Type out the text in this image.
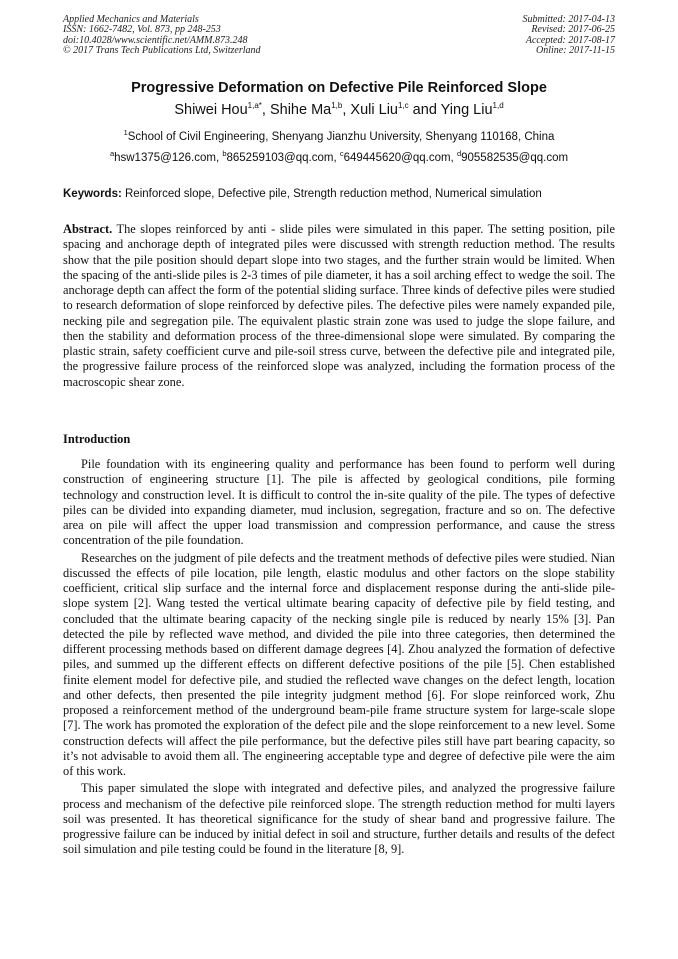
Applied Mechanics and Materials
ISSN: 1662-7482, Vol. 873, pp 248-253
doi:10.4028/www.scientific.net/AMM.873.248
© 2017 Trans Tech Publications Ltd, Switzerland
Submitted: 2017-04-13
Revised: 2017-06-25
Accepted: 2017-08-17
Online: 2017-11-15
Progressive Deformation on Defective Pile Reinforced Slope
Shiwei Hou$^{1,a*}$, Shihe Ma$^{1,b}$, Xuli Liu$^{1,c}$ and Ying Liu$^{1,d}$
$^1$School of Civil Engineering, Shenyang Jianzhu University, Shenyang 110168, China
$^a$hsw1375@126.com, $^b$865259103@qq.com, $^c$649445620@qq.com, $^d$905582535@qq.com
Keywords: Reinforced slope, Defective pile, Strength reduction method, Numerical simulation
Abstract. The slopes reinforced by anti - slide piles were simulated in this paper. The setting position, pile spacing and anchorage depth of integrated piles were discussed with strength reduction method. The results show that the pile position should depart slope into two stages, and the further strain would be limited. When the spacing of the anti-slide piles is 2-3 times of pile diameter, it has a soil arching effect to wedge the soil. The anchorage depth can affect the form of the potential sliding surface. Three kinds of defective piles were studied to research deformation of slope reinforced by defective piles. The defective piles were namely expanded pile, necking pile and segregation pile. The equivalent plastic strain zone was used to judge the slope failure, and then the stability and deformation process of the three-dimensional slope were simulated. By comparing the plastic strain, safety coefficient curve and pile-soil stress curve, between the defective pile and integrated pile, the progressive failure process of the reinforced slope was analyzed, including the formation process of the macroscopic shear zone.
Introduction

Pile foundation with its engineering quality and performance has been found to perform well during construction of engineering structure [1]. The pile is affected by geological conditions, pile forming technology and construction level. It is difficult to control the in-site quality of the pile. The types of defective piles can be divided into expanding diameter, mud inclusion, segregation, fracture and so on. The defective area on pile will affect the upper load transmission and compression performance, and cause the stress concentration of the pile foundation.

Researches on the judgment of pile defects and the treatment methods of defective piles were studied. Nian discussed the effects of pile location, pile length, elastic modulus and other factors on the slope stability coefficient, critical slip surface and the internal force and displacement response during the anti-slide pile-slope system [2]. Wang tested the vertical ultimate bearing capacity of defective pile by field testing, and concluded that the ultimate bearing capacity of the necking single pile is reduced by nearly 15% [3]. Pan detected the pile by reflected wave method, and divided the pile into three categories, then determined the different processing methods based on different damage degrees [4]. Zhou analyzed the formation of defective piles, and summed up the different effects on different defective positions of the pile [5]. Chen established finite element model for defective pile, and studied the reflected wave changes on the defect length, location and other defects, then presented the pile integrity judgment method [6]. For slope reinforced work, Zhu proposed a reinforcement method of the underground beam-pile frame structure system for large-scale slope [7]. The work has promoted the exploration of the defect pile and the slope reinforcement to a new level. Some construction defects will affect the pile performance, but the defective piles still have part bearing capacity, so it’s not advisable to avoid them all. The engineering acceptable type and degree of defective pile were the aim of this work.

This paper simulated the slope with integrated and defective piles, and analyzed the progressive failure process and mechanism of the defective pile reinforced slope. The strength reduction method for multi layers soil was presented. It has theoretical significance for the study of shear band and progressive failure. The progressive failure can be induced by initial defect in soil and structure, further details and results of the defect soil simulation and pile testing could be found in the literature [8, 9].
